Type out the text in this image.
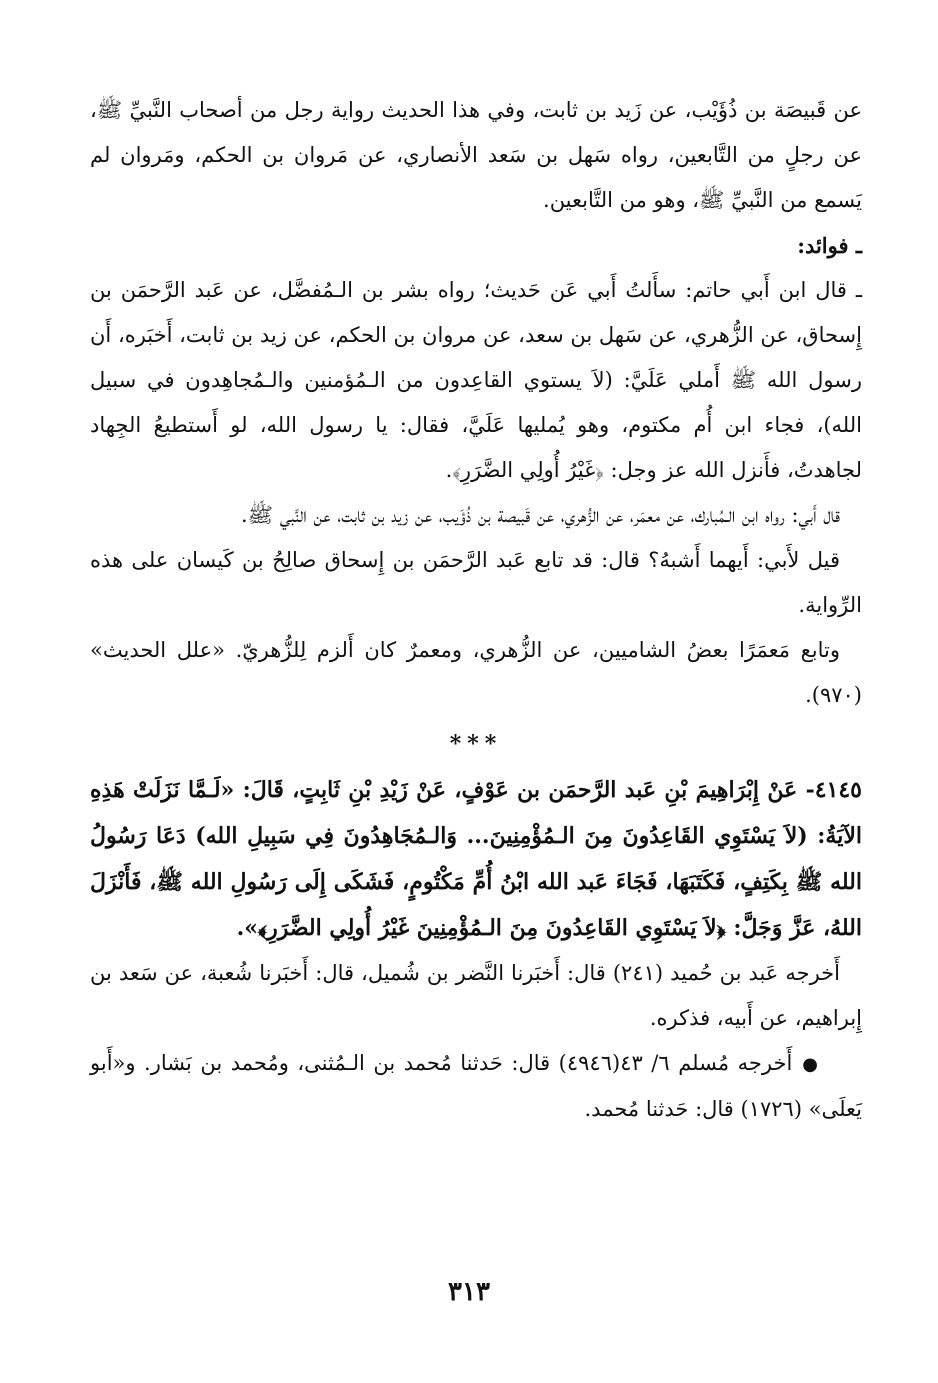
عن قَبيصَة بن ذُؤَيْب، عن زَيد بن ثابت، وفي هذا الحديث رواية رجل من أصحاب النَّبيِّ ﷺ، عن رجلٍ من التَّابعين، رواه سَهل بن سَعد الأنصاري، عن مَروان بن الحكم، ومَروان لم يَسمع من النَّبيِّ ﷺ، وهو من التَّابعين.

ـ فوائد:

ـ قال ابن أَبي حاتم: سأَلتُ أَبي عَن حَديث؛ رواه بشر بن الـمُفضَّل، عن عَبد الرَّحمَن بن إِسحاق، عن الزُّهري، عن سَهل بن سعد، عن مروان بن الحكم، عن زيد بن ثابت، أَخبَره، أَن رسول الله ﷺ أَملي عَلَيَّ: (لاَ يستوي القاعِدون من الـمُؤمنين والـمُجاهِدون في سبيل الله)، فجاء ابن أُم مكتوم، وهو يُمليها عَلَيَّ، فقال: يا رسول الله، لو أَستطيعُ الجِهاد لجاهدتُ، فأَنزل الله عز وجل: ﴿غَيْرُ أُولِي الضَّرَرِ﴾.

قال أَبي: رواه ابن الـمُبارك، عن معمَر، عن الزُّهري، عن قَبيصة بن ذُؤَيب، عن زيد بن ثابت، عن النَّبي ﷺ.

قيل لأَبي: أَيهما أَشبهُ؟ قال: قد تابع عَبد الرَّحمَن بن إِسحاق صالِحُ بن كَيسان على هذه الرِّواية.

وتابع مَعمَرًا بعضُ الشاميين، عن الزُّهري، ومعمرٌ كان أَلزم لِلزُّهريّ. «علل الحديث» (٩٧٠).

***

٤١٤٥- عَنْ إِبْرَاهِيمَ بْنِ عَبد الرَّحمَن بن عَوْفٍ، عَنْ زَيْدِ بْنِ ثَابِتٍ، قَالَ: «لَـمَّا نَزَلَتْ هَذِهِ الآيَةُ: (لاَ يَسْتَوِي القَاعِدُونَ مِنَ الـمُؤْمِنِينَ... وَالـمُجَاهِدُونَ فِي سَبِيلِ الله) دَعَا رَسُولُ الله ﷺ بِكَتِفٍ، فَكَتَبَهَا، فَجَاءَ عَبد الله ابْنُ أُمِّ مَكْتُومٍ، فَشَكَى إِلَى رَسُولِ الله ﷺ، فَأَنْزَلَ اللهُ، عَزَّ وَجَلَّ: ﴿لاَ يَسْتَوِي القَاعِدُونَ مِنَ الـمُؤْمِنِينَ غَيْرُ أُولِي الضَّرَرِ﴾».

أَخرجه عَبد بن حُميد (٢٤١) قال: أَخبَرنا النَّضر بن شُميل، قال: أَخبَرنا شُعبة، عن سَعد بن إِبراهيم، عن أَبيه، فذكره.

●أَخرجه مُسلم ٦/ ٤٣(٤٩٤٦) قال: حَدثنا مُحمد بن الـمُثنى، ومُحمد بن بَشار. و«أَبو يَعلَى» (١٧٢٦) قال: حَدثنا مُحمد.

٣١٣
